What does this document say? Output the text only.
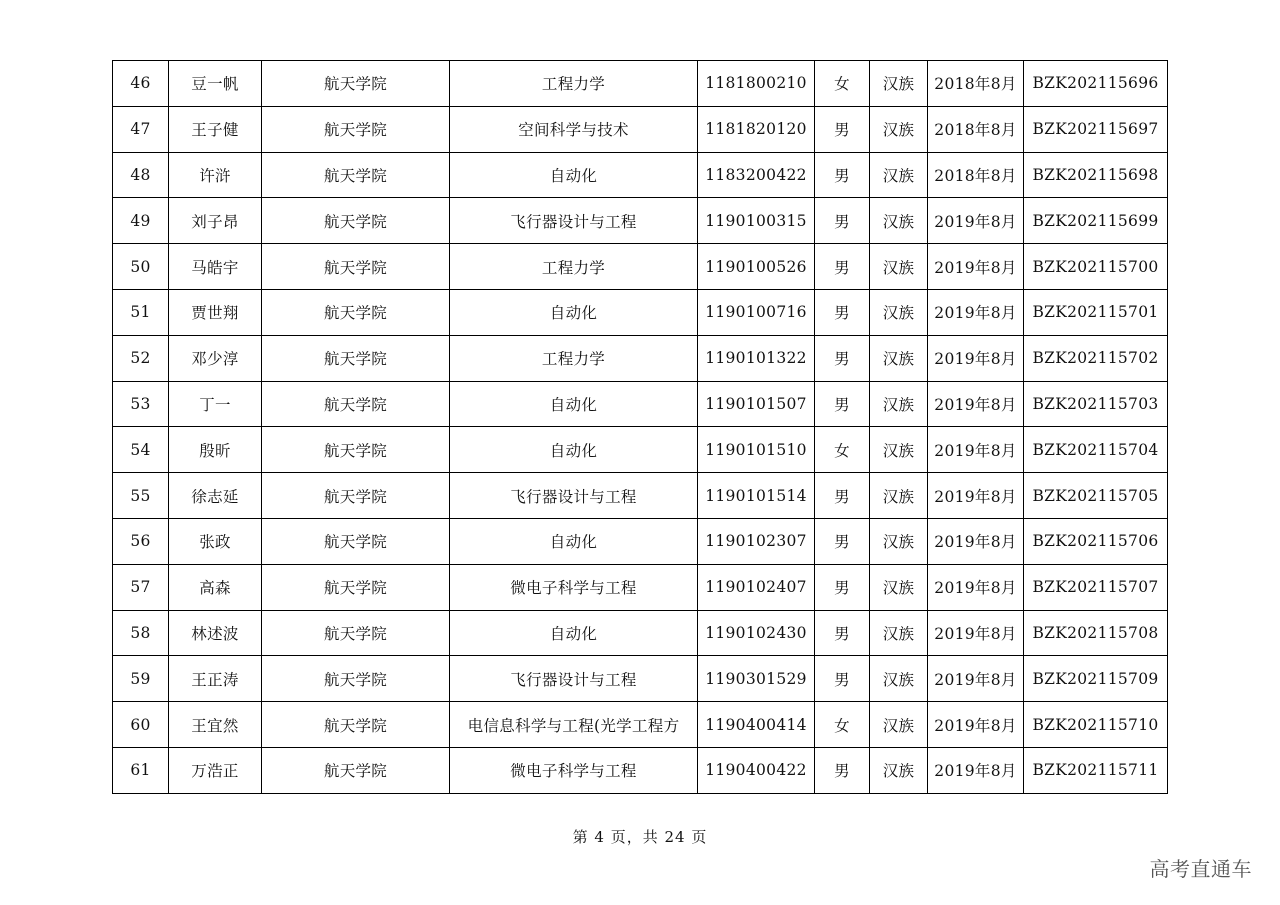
46	豆一帆	航天学院	工程力学	1181800210	女	汉族	2018年8月	BZK202115696
47	王子健	航天学院	空间科学与技术	1181820120	男	汉族	2018年8月	BZK202115697
48	许浒	航天学院	自动化	1183200422	男	汉族	2018年8月	BZK202115698
49	刘子昂	航天学院	飞行器设计与工程	1190100315	男	汉族	2019年8月	BZK202115699
50	马皓宇	航天学院	工程力学	1190100526	男	汉族	2019年8月	BZK202115700
51	贾世翔	航天学院	自动化	1190100716	男	汉族	2019年8月	BZK202115701
52	邓少淳	航天学院	工程力学	1190101322	男	汉族	2019年8月	BZK202115702
53	丁一	航天学院	自动化	1190101507	男	汉族	2019年8月	BZK202115703
54	殷昕	航天学院	自动化	1190101510	女	汉族	2019年8月	BZK202115704
55	徐志延	航天学院	飞行器设计与工程	1190101514	男	汉族	2019年8月	BZK202115705
56	张政	航天学院	自动化	1190102307	男	汉族	2019年8月	BZK202115706
57	高森	航天学院	微电子科学与工程	1190102407	男	汉族	2019年8月	BZK202115707
58	林述波	航天学院	自动化	1190102430	男	汉族	2019年8月	BZK202115708
59	王正涛	航天学院	飞行器设计与工程	1190301529	男	汉族	2019年8月	BZK202115709
60	王宜然	航天学院	电信息科学与工程(光学工程方	1190400414	女	汉族	2019年8月	BZK202115710
61	万浩正	航天学院	微电子科学与工程	1190400422	男	汉族	2019年8月	BZK202115711
第 4 页，共 24 页
高考直通车
